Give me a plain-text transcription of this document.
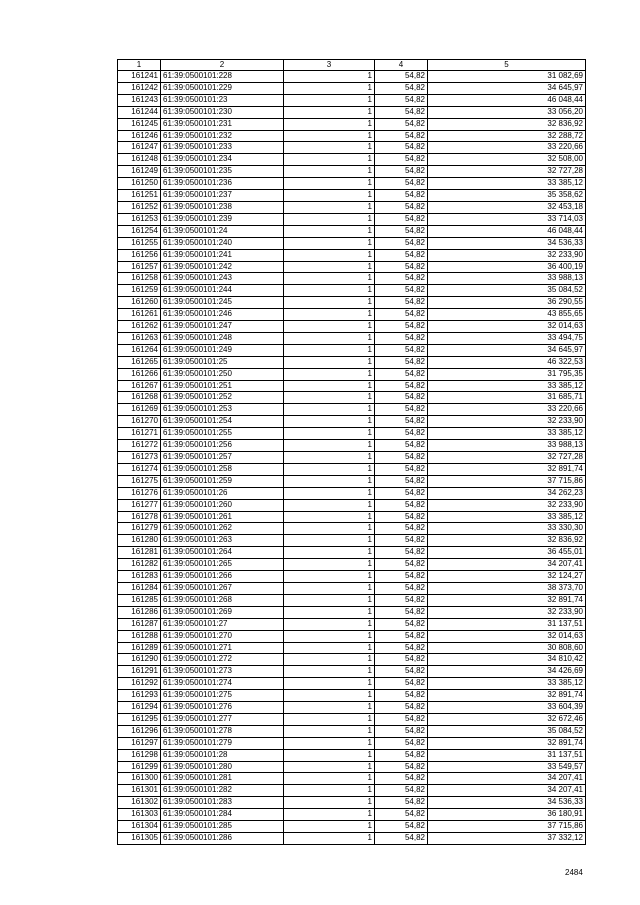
1	2	3	4	5
161241	61:39:0500101:228	1	54,82	31 082,69
161242	61:39:0500101:229	1	54,82	34 645,97
161243	61:39:0500101:23	1	54,82	46 048,44
161244	61:39:0500101:230	1	54,82	33 056,20
161245	61:39:0500101:231	1	54,82	32 836,92
161246	61:39:0500101:232	1	54,82	32 288,72
161247	61:39:0500101:233	1	54,82	33 220,66
161248	61:39:0500101:234	1	54,82	32 508,00
161249	61:39:0500101:235	1	54,82	32 727,28
161250	61:39:0500101:236	1	54,82	33 385,12
161251	61:39:0500101:237	1	54,82	35 358,62
161252	61:39:0500101:238	1	54,82	32 453,18
161253	61:39:0500101:239	1	54,82	33 714,03
161254	61:39:0500101:24	1	54,82	46 048,44
161255	61:39:0500101:240	1	54,82	34 536,33
161256	61:39:0500101:241	1	54,82	32 233,90
161257	61:39:0500101:242	1	54,82	36 400,19
161258	61:39:0500101:243	1	54,82	33 988,13
161259	61:39:0500101:244	1	54,82	35 084,52
161260	61:39:0500101:245	1	54,82	36 290,55
161261	61:39:0500101:246	1	54,82	43 855,65
161262	61:39:0500101:247	1	54,82	32 014,63
161263	61:39:0500101:248	1	54,82	33 494,75
161264	61:39:0500101:249	1	54,82	34 645,97
161265	61:39:0500101:25	1	54,82	46 322,53
161266	61:39:0500101:250	1	54,82	31 795,35
161267	61:39:0500101:251	1	54,82	33 385,12
161268	61:39:0500101:252	1	54,82	31 685,71
161269	61:39:0500101:253	1	54,82	33 220,66
161270	61:39:0500101:254	1	54,82	32 233,90
161271	61:39:0500101:255	1	54,82	33 385,12
161272	61:39:0500101:256	1	54,82	33 988,13
161273	61:39:0500101:257	1	54,82	32 727,28
161274	61:39:0500101:258	1	54,82	32 891,74
161275	61:39:0500101:259	1	54,82	37 715,86
161276	61:39:0500101:26	1	54,82	34 262,23
161277	61:39:0500101:260	1	54,82	32 233,90
161278	61:39:0500101:261	1	54,82	33 385,12
161279	61:39:0500101:262	1	54,82	33 330,30
161280	61:39:0500101:263	1	54,82	32 836,92
161281	61:39:0500101:264	1	54,82	36 455,01
161282	61:39:0500101:265	1	54,82	34 207,41
161283	61:39:0500101:266	1	54,82	32 124,27
161284	61:39:0500101:267	1	54,82	38 373,70
161285	61:39:0500101:268	1	54,82	32 891,74
161286	61:39:0500101:269	1	54,82	32 233,90
161287	61:39:0500101:27	1	54,82	31 137,51
161288	61:39:0500101:270	1	54,82	32 014,63
161289	61:39:0500101:271	1	54,82	30 808,60
161290	61:39:0500101:272	1	54,82	34 810,42
161291	61:39:0500101:273	1	54,82	34 426,69
161292	61:39:0500101:274	1	54,82	33 385,12
161293	61:39:0500101:275	1	54,82	32 891,74
161294	61:39:0500101:276	1	54,82	33 604,39
161295	61:39:0500101:277	1	54,82	32 672,46
161296	61:39:0500101:278	1	54,82	35 084,52
161297	61:39:0500101:279	1	54,82	32 891,74
161298	61:39:0500101:28	1	54,82	31 137,51
161299	61:39:0500101:280	1	54,82	33 549,57
161300	61:39:0500101:281	1	54,82	34 207,41
161301	61:39:0500101:282	1	54,82	34 207,41
161302	61:39:0500101:283	1	54,82	34 536,33
161303	61:39:0500101:284	1	54,82	36 180,91
161304	61:39:0500101:285	1	54,82	37 715,86
161305	61:39:0500101:286	1	54,82	37 332,12
2484
